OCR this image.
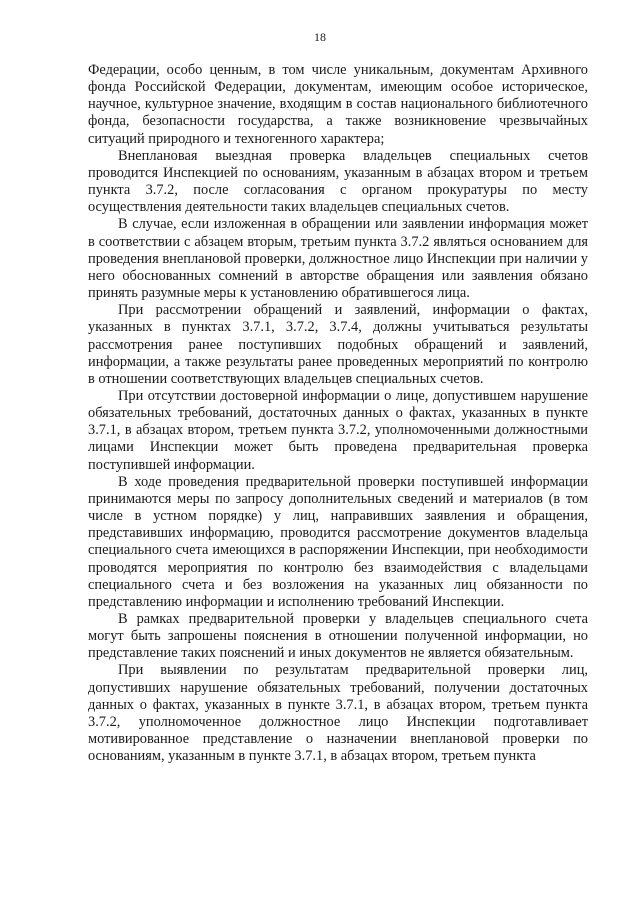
18

Федерации, особо ценным, в том числе уникальным, документам Архивного фонда Российской Федерации, документам, имеющим особое историческое, научное, культурное значение, входящим в состав национального библиотечного фонда, безопасности государства, а также возникновение чрезвычайных ситуаций природного и техногенного характера;

Внеплановая выездная проверка владельцев специальных счетов проводится Инспекцией по основаниям, указанным в абзацах втором и третьем пункта 3.7.2, после согласования с органом прокуратуры по месту осуществления деятельности таких владельцев специальных счетов.

В случае, если изложенная в обращении или заявлении информация может в соответствии с абзацем вторым, третьим пункта 3.7.2 являться основанием для проведения внеплановой проверки, должностное лицо Инспекции при наличии у него обоснованных сомнений в авторстве обращения или заявления обязано принять разумные меры к установлению обратившегося лица.

При рассмотрении обращений и заявлений, информации о фактах, указанных в пунктах 3.7.1, 3.7.2, 3.7.4, должны учитываться результаты рассмотрения ранее поступивших подобных обращений и заявлений, информации, а также результаты ранее проведенных мероприятий по контролю в отношении соответствующих владельцев специальных счетов.

При отсутствии достоверной информации о лице, допустившем нарушение обязательных требований, достаточных данных о фактах, указанных в пункте 3.7.1, в абзацах втором, третьем пункта 3.7.2, уполномоченными должностными лицами Инспекции может быть проведена предварительная проверка поступившей информации.

В ходе проведения предварительной проверки поступившей информации принимаются меры по запросу дополнительных сведений и материалов (в том числе в устном порядке) у лиц, направивших заявления и обращения, представивших информацию, проводится рассмотрение документов владельца специального счета имеющихся в распоряжении Инспекции, при необходимости проводятся мероприятия по контролю без взаимодействия с владельцами специального счета и без возложения на указанных лиц обязанности по представлению информации и исполнению требований Инспекции.

В рамках предварительной проверки у владельцев специального счета могут быть запрошены пояснения в отношении полученной информации, но представление таких пояснений и иных документов не является обязательным.

При выявлении по результатам предварительной проверки лиц, допустивших нарушение обязательных требований, получении достаточных данных о фактах, указанных в пункте 3.7.1, в абзацах втором, третьем пункта 3.7.2, уполномоченное должностное лицо Инспекции подготавливает мотивированное представление о назначении внеплановой проверки по основаниям, указанным в пункте 3.7.1, в абзацах втором, третьем пункта
